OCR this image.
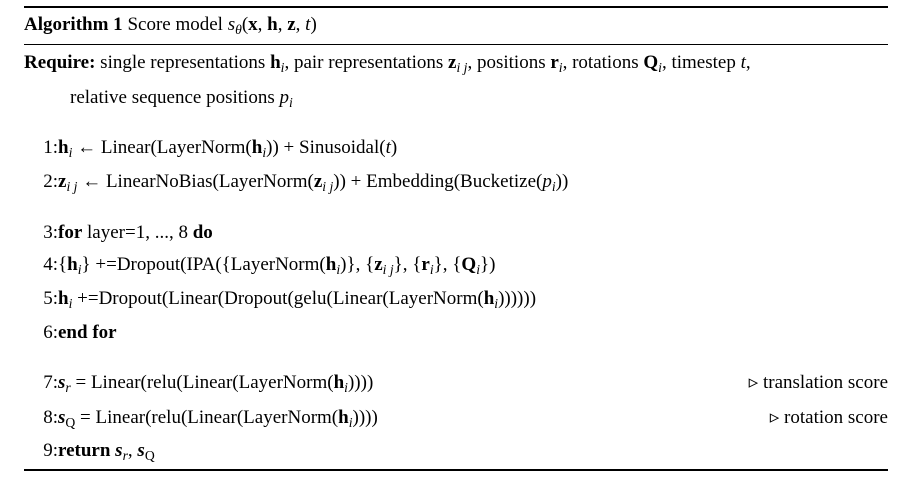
Algorithm 1 Score model $s_\theta(x$, h, z, t)
Require: single representations $h_i$, pair representations $z_{i j}$, positions $r_i$, rotations $Q_i$, timestep t,
relative sequence positions $p_i$

1:	$h_i$ ← $Linear(LayerNorm(h_i))$ + Sinusoidal(t)	
2:	$z_{i j}$ ← $LinearNoBias(LayerNorm(z_{i j}))$ + $Embedding(Bucketize(p_i))$	

3:	for layer=1, ..., 8 do	
4:	$\{h_i\}$ $+=Dropout(IPA(\{LayerNorm(h_i)\}$, $\{z_{i j}\}$, $\{r_i\}$, $\{Q_i\}$)	
5:	$h_i$ $+=Dropout(Linear(Dropout(gelu(Linear(LayerNorm(h_i))))))$	
6:	end for	

7:	$s_r$ = $Linear(relu(Linear(LayerNorm(h_i))))$	▹ translation score
8:	$s_Q$ = $Linear(relu(Linear(LayerNorm(h_i))))$	▹ rotation score
9:	return $s_r$, $s_Q$	
